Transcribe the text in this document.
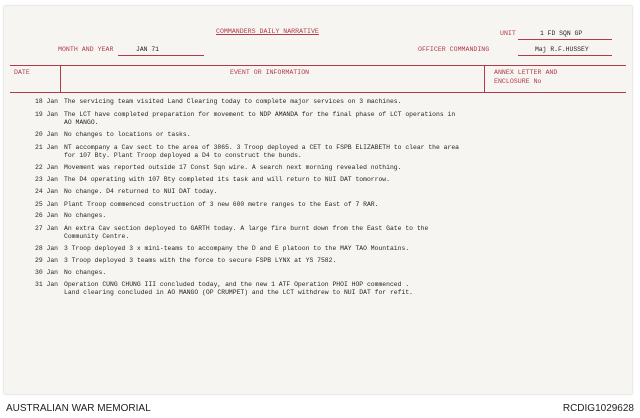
COMMANDERS DAILY NARRATIVE	UNIT	1 FD SQN GP
MONTH AND YEAR	JAN 71	OFFICER COMMANDING	Maj R.F.HUSSEY
DATE	EVENT OR INFORMATION	ANNEX LETTER AND
ENCLOSURE No
18 Jan The servicing team visited Land Clearing today to complete major services on 3 machines.
19 Jan The LCT have completed preparation for movement to NDP AMANDA for the final phase of LCT operations in
AO MANGO.
20 Jan No changes to locations or tasks.
21 Jan NT accompany a Cav sect to the area of 3865. 3 Troop deployed a CET to FSPB ELIZABETH to clear the area
for 107 Bty. Plant Troop deployed a D4 to construct the bunds.
22 Jan Movement was reported outside 17 Const Sqn wire. A search next morning revealed nothing.
23 Jan The D4 operating with 107 Bty completed its task and will return to NUI DAT tomorrow.
24 Jan No change. D4 returned to NUI DAT today.
25 Jan Plant Troop commenced construction of 3 new 600 metre ranges to the East of 7 RAR.
26 Jan No changes.
27 Jan An extra Cav section deployed to GARTH today. A large fire burnt down from the East Gate to the
Community Centre.
28 Jan 3 Troop deployed 3 x mini-teams to accompany the D and E platoon to the MAY TAO Mountains.
29 Jan 3 Troop deployed 3 teams with the force to secure FSPB LYNX at YS 7582.
30 Jan No changes.
31 Jan Operation CUNG CHUNG III concluded today, and the new 1 ATF Operation PHOI HOP commenced .
Land clearing concluded in AO MANGO (OP CRUMPET) and the LCT withdrew to NUI DAT for refit.
AUSTRALIAN WAR MEMORIAL	RCDIG1029628
